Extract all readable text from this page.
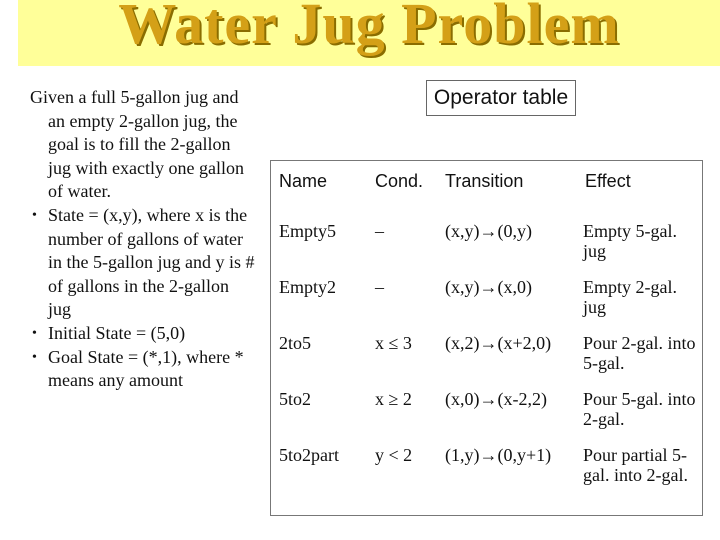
Water Jug Problem

Given a full 5-gallon jug and an empty 2-gallon jug, the goal is to fill the 2-gallon jug with exactly one gallon of water.

• State = (x,y), where x is the number of gallons of water in the 5-gallon jug and y is # of gallons in the 2-gallon jug
• Initial State = (5,0)
• Goal State = (*,1), where * means any amount
Operator table
Name	Cond.	Transition	Effect
Empty5	–	(x,y)→(0,y)	Empty 5-gal. jug
Empty2	–	(x,y)→(x,0)	Empty 2-gal. jug
2to5	x ≤ 3	(x,2)→(x+2,0)	Pour 2-gal. into 5-gal.
5to2	x ≥ 2	(x,0)→(x-2,2)	Pour 5-gal. into 2-gal.
5to2part	y < 2	(1,y)→(0,y+1)	Pour partial 5-gal. into 2-gal.
